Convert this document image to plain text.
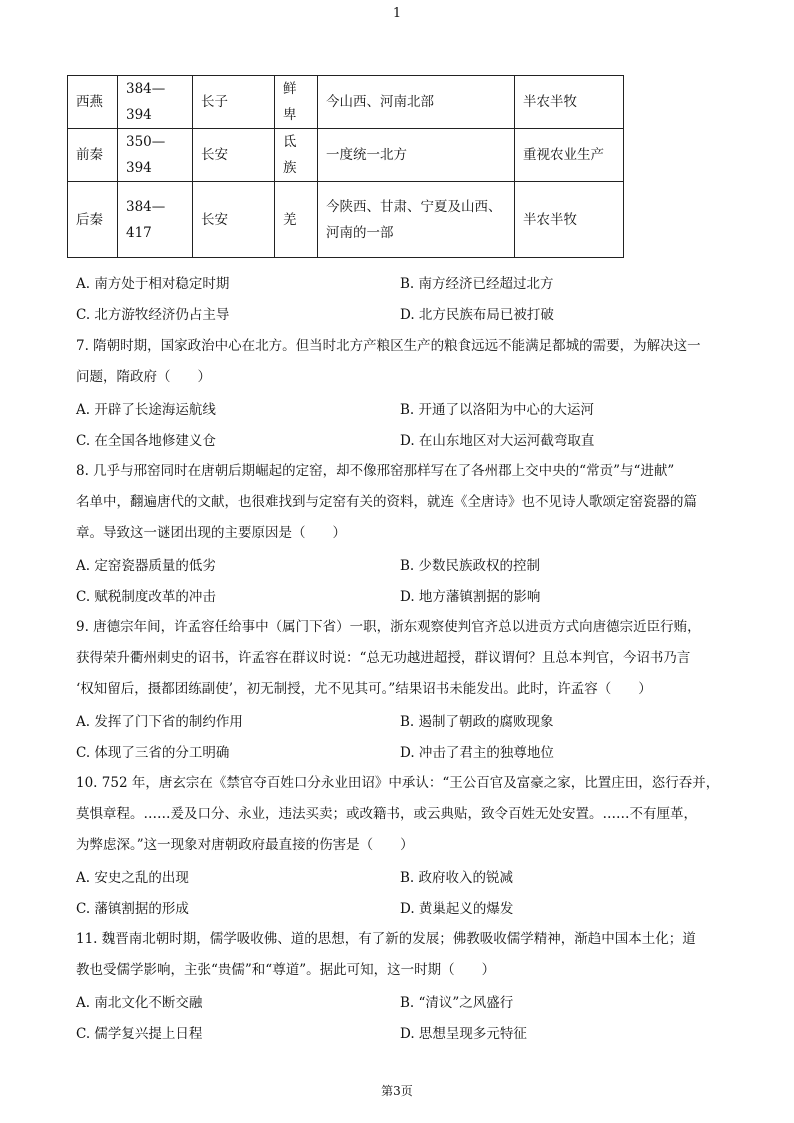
1
西燕	384—394	长子	鲜卑	今山西、河南北部	半农半牧
前秦	350—394	长安	氐族	一度统一北方	重视农业生产
后秦	384—417	长安	羌	今陕西、甘肃、宁夏及山西、
河南的一部	半农半牧
A. 南方处于相对稳定时期	B. 南方经济已经超过北方
C. 北方游牧经济仍占主导	D. 北方民族布局已被打破
7. 隋朝时期，国家政治中心在北方。但当时北方产粮区生产的粮食远远不能满足都城的需要，为解决这一
问题，隋政府（　　）
A. 开辟了长途海运航线	B. 开通了以洛阳为中心的大运河
C. 在全国各地修建义仓	D. 在山东地区对大运河截弯取直
8. 几乎与邢窑同时在唐朝后期崛起的定窑，却不像邢窑那样写在了各州郡上交中央的“常贡”与“进献”
名单中，翻遍唐代的文献，也很难找到与定窑有关的资料，就连《全唐诗》也不见诗人歌颂定窑瓷器的篇
章。导致这一谜团出现的主要原因是（　　）
A. 定窑瓷器质量的低劣	B. 少数民族政权的控制
C. 赋税制度改革的冲击	D. 地方藩镇割据的影响
9. 唐德宗年间，许孟容任给事中（属门下省）一职，浙东观察使判官齐总以进贡方式向唐德宗近臣行贿，
获得荣升衢州刺史的诏书，许孟容在群议时说：“总无功越进超授，群议谓何？且总本判官，今诏书乃言
‘权知留后，摄都团练副使’，初无制授，尤不见其可。”结果诏书未能发出。此时，许孟容（　　）
A. 发挥了门下省的制约作用	B. 遏制了朝政的腐败现象
C. 体现了三省的分工明确	D. 冲击了君主的独尊地位
10. 752 年，唐玄宗在《禁官夺百姓口分永业田诏》中承认：“王公百官及富豪之家，比置庄田，恣行吞并，
莫惧章程。……爰及口分、永业，违法买卖；或改籍书，或云典贴，致令百姓无处安置。……不有厘革，
为弊虑深。”这一现象对唐朝政府最直接的伤害是（　　）
A. 安史之乱的出现	B. 政府收入的锐减
C. 藩镇割据的形成	D. 黄巢起义的爆发
11. 魏晋南北朝时期，儒学吸收佛、道的思想，有了新的发展；佛教吸收儒学精神，渐趋中国本土化；道
教也受儒学影响，主张“贵儒”和“尊道”。据此可知，这一时期（　　）
A. 南北文化不断交融	B. “清议”之风盛行
C. 儒学复兴提上日程	D. 思想呈现多元特征
第3页
